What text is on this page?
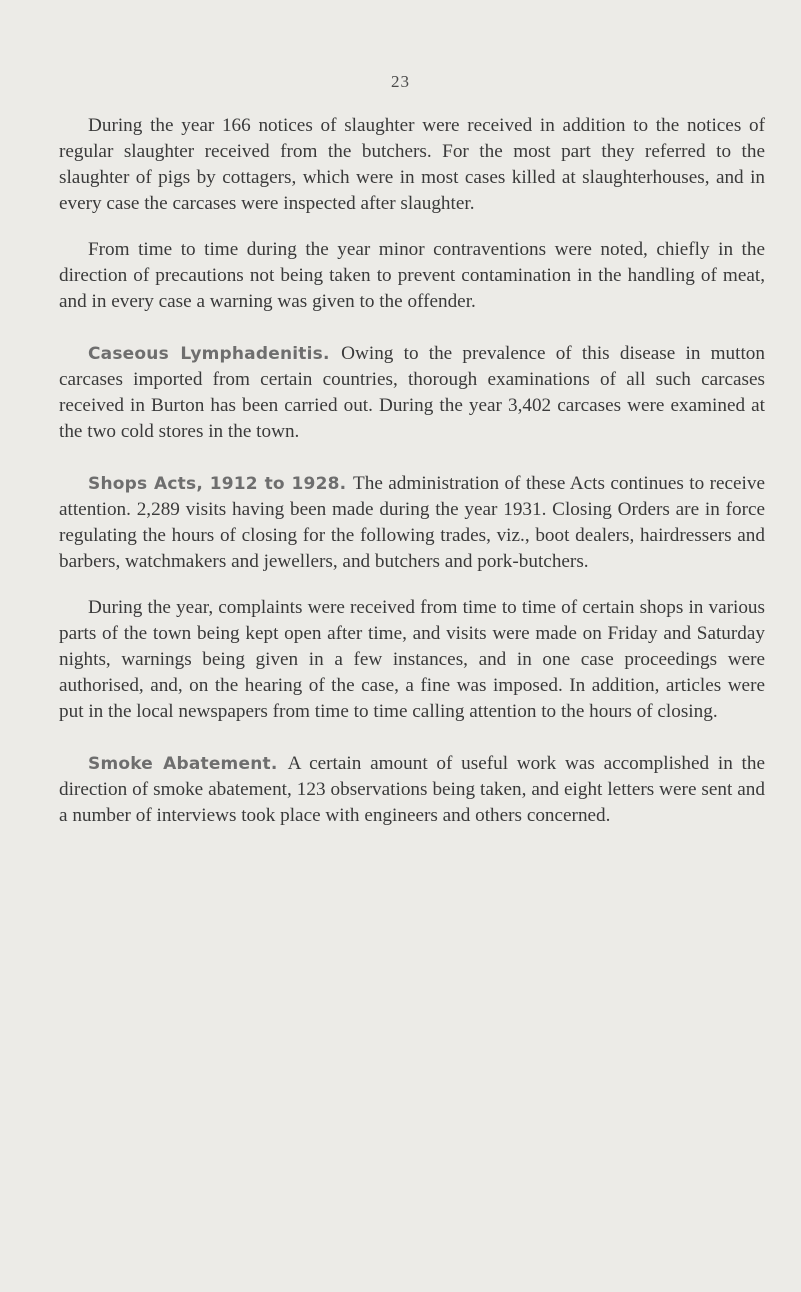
23

During the year 166 notices of slaughter were received in addition to the notices of regular slaughter received from the butchers. For the most part they referred to the slaughter of pigs by cottagers, which were in most cases killed at slaughterhouses, and in every case the carcases were inspected after slaughter.

From time to time during the year minor contraventions were noted, chiefly in the direction of precautions not being taken to prevent contamination in the handling of meat, and in every case a warning was given to the offender.

Caseous Lymphadenitis. Owing to the prevalence of this disease in mutton carcases imported from certain countries, thorough examinations of all such carcases received in Burton has been carried out. During the year 3,402 carcases were examined at the two cold stores in the town.

Shops Acts, 1912 to 1928. The administration of these Acts continues to receive attention. 2,289 visits having been made during the year 1931. Closing Orders are in force regulating the hours of closing for the following trades, viz., boot dealers, hairdressers and barbers, watchmakers and jewellers, and butchers and pork-butchers.

During the year, complaints were received from time to time of certain shops in various parts of the town being kept open after time, and visits were made on Friday and Saturday nights, warnings being given in a few instances, and in one case proceedings were authorised, and, on the hearing of the case, a fine was imposed. In addition, articles were put in the local newspapers from time to time calling attention to the hours of closing.

Smoke Abatement. A certain amount of useful work was accomplished in the direction of smoke abatement, 123 observations being taken, and eight letters were sent and a number of interviews took place with engineers and others concerned.
